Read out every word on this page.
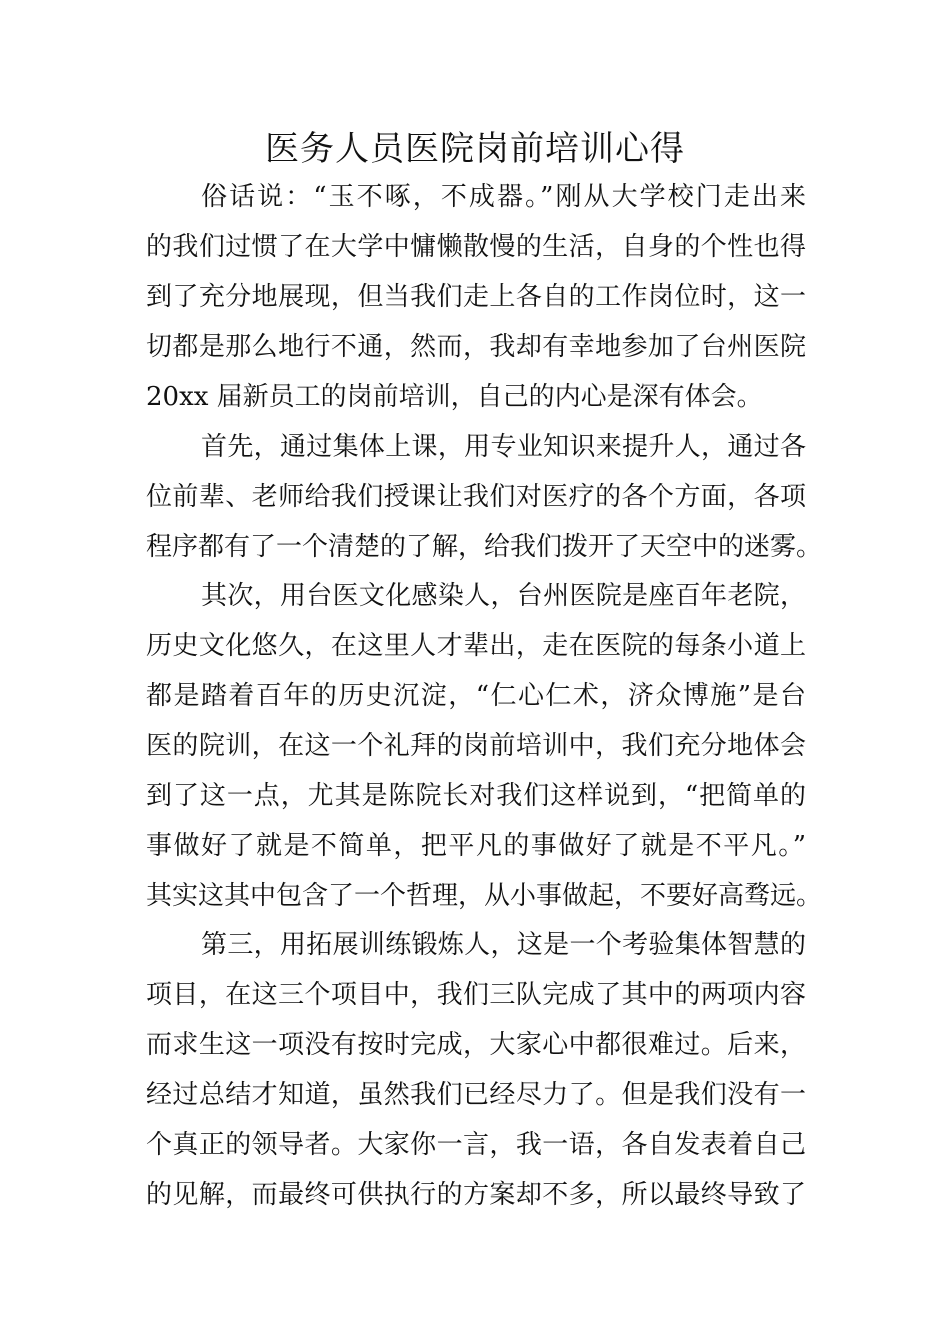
医务人员医院岗前培训心得
俗话说：“玉不啄，不成器。”刚从大学校门走出来
的我们过惯了在大学中慵懒散慢的生活，自身的个性也得
到了充分地展现，但当我们走上各自的工作岗位时，这一
切都是那么地行不通，然而，我却有幸地参加了台州医院
20xx 届新员工的岗前培训，自己的内心是深有体会。
首先，通过集体上课，用专业知识来提升人，通过各
位前辈、老师给我们授课让我们对医疗的各个方面，各项
程序都有了一个清楚的了解，给我们拨开了天空中的迷雾。
其次，用台医文化感染人，台州医院是座百年老院，
历史文化悠久，在这里人才辈出，走在医院的每条小道上
都是踏着百年的历史沉淀，“仁心仁术，济众博施”是台
医的院训，在这一个礼拜的岗前培训中，我们充分地体会
到了这一点，尤其是陈院长对我们这样说到，“把简单的
事做好了就是不简单，把平凡的事做好了就是不平凡。”
其实这其中包含了一个哲理，从小事做起，不要好高骛远。
第三，用拓展训练锻炼人，这是一个考验集体智慧的
项目，在这三个项目中，我们三队完成了其中的两项内容
而求生这一项没有按时完成，大家心中都很难过。后来，
经过总结才知道，虽然我们已经尽力了。但是我们没有一
个真正的领导者。大家你一言，我一语，各自发表着自己
的见解，而最终可供执行的方案却不多，所以最终导致了
